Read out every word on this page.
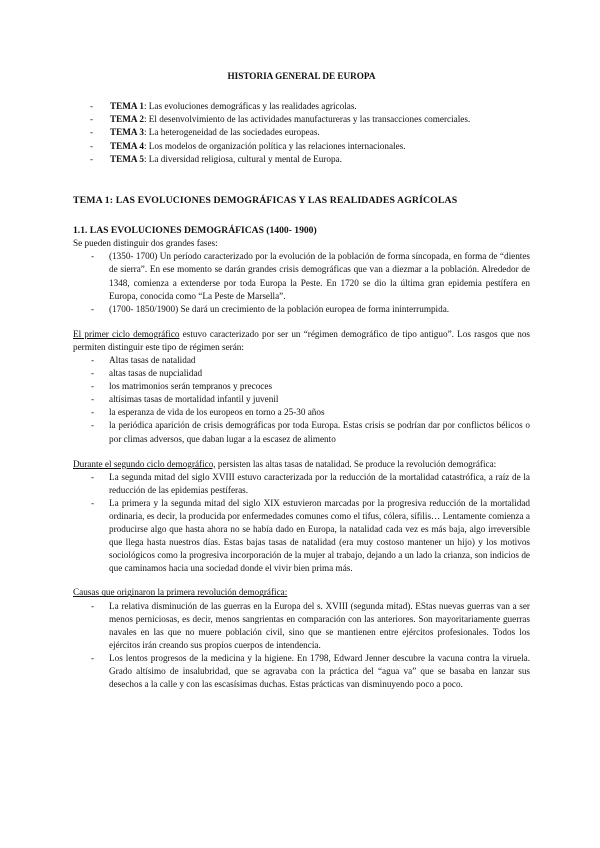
HISTORIA GENERAL DE EUROPA
- TEMA 1: Las evoluciones demográficas y las realidades agrícolas.
- TEMA 2: El desenvolvimiento de las actividades manufactureras y las transacciones comerciales.
- TEMA 3: La heterogeneidad de las sociedades europeas.
- TEMA 4: Los modelos de organización política y las relaciones internacionales.
- TEMA 5: La diversidad religiosa, cultural y mental de Europa.
TEMA 1: LAS EVOLUCIONES DEMOGRÁFICAS Y LAS REALIDADES AGRÍCOLAS
1.1. LAS EVOLUCIONES DEMOGRÁFICAS (1400- 1900)

Se pueden distinguir dos grandes fases:

- (1350- 1700) Un período caracterizado por la evolución de la población de forma síncopada, en forma de “dientes de sierra”. En ese momento se darán grandes crisis demográficas que van a diezmar a la población. Alrededor de 1348, comienza a extenderse por toda Europa la Peste. En 1720 se dio la última gran epidemia pestífera en Europa, conocida como “La Peste de Marsella”.
- (1700- 1850/1900) Se dará un crecimiento de la población europea de forma ininterrumpida.

El primer ciclo demográfico estuvo caracterizado por ser un “régimen demográfico de tipo antiguo”. Los rasgos que nos permiten distinguir este tipo de régimen serán:

- Altas tasas de natalidad
- altas tasas de nupcialidad
- los matrimonios serán tempranos y precoces
- altísimas tasas de mortalidad infantil y juvenil
- la esperanza de vida de los europeos en torno a 25-30 años
- la periódica aparición de crisis demográficas por toda Europa. Estas crisis se podrían dar por conflictos bélicos o por climas adversos, que daban lugar a la escasez de alimento

Durante el segundo ciclo demográfico, persisten las altas tasas de natalidad. Se produce la revolución demográfica:

- La segunda mitad del siglo XVIII estuvo caracterizada por la reducción de la mortalidad catastrófica, a raíz de la reducción de las epidemias pestíferas.
- La primera y la segunda mitad del siglo XIX estuvieron marcadas por la progresiva reducción de la mortalidad ordinaria, es decir, la producida por enfermedades comunes como el tifus, cólera, sífilis… Lentamente comienza a producirse algo que hasta ahora no se había dado en Europa, la natalidad cada vez es más baja, algo irreversible que llega hasta nuestros días. Estas bajas tasas de natalidad (era muy costoso mantener un hijo) y los motivos sociológicos como la progresiva incorporación de la mujer al trabajo, dejando a un lado la crianza, son indicios de que caminamos hacia una sociedad donde el vivir bien prima más.

Causas que originaron la primera revolución demográfica:

- La relativa disminución de las guerras en la Europa del s. XVIII (segunda mitad). EStas nuevas guerras van a ser menos perniciosas, es decir, menos sangrientas en comparación con las anteriores. Son mayoritariamente guerras navales en las que no muere población civil, sino que se mantienen entre ejércitos profesionales. Todos los ejércitos irán creando sus propios cuerpos de intendencia.
- Los lentos progresos de la medicina y la higiene. En 1798, Edward Jenner descubre la vacuna contra la viruela. Grado altísimo de insalubridad, que se agravaba con la práctica del “agua va” que se basaba en lanzar sus desechos a la calle y con las escasísimas duchas. Estas prácticas van disminuyendo poco a poco.
